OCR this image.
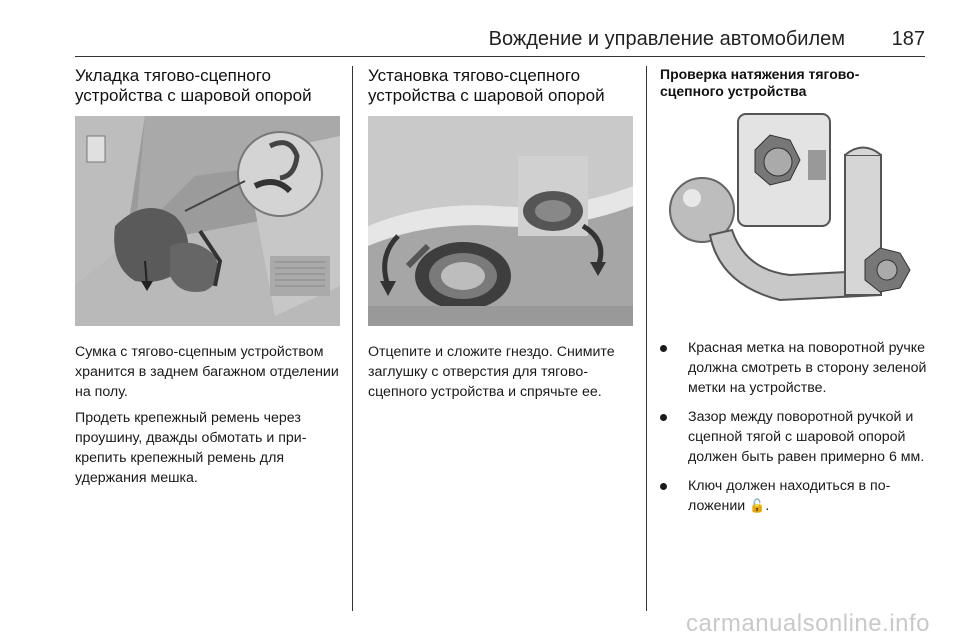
Вождение и управление автомобилем 187
Укладка тягово-сцепного
устройства с шаровой опорой

Сумка с тягово-сцепным устройством хранится в заднем багажном отделении на полу.

Продеть крепежный ремень через проушину, дважды обмотать и прикрепить крепежный ремень для удержания мешка.

Установка тягово-сцепного
устройства с шаровой опорой

Отцепите и сложите гнездо. Снимите заглушку с отверстия для тягово-сцепного устройства и спрячьте ее.

Проверка натяжения тягово-
сцепного устройства
Красная метка на поворотной ручке должна смотреть в сторону зеленой метки на устройстве.
Зазор между поворотной ручкой и сцепной тягой с шаровой опорой должен быть равен примерно 6 мм.
Ключ должен находиться в положении 🔓.
carmanualsonline.info
